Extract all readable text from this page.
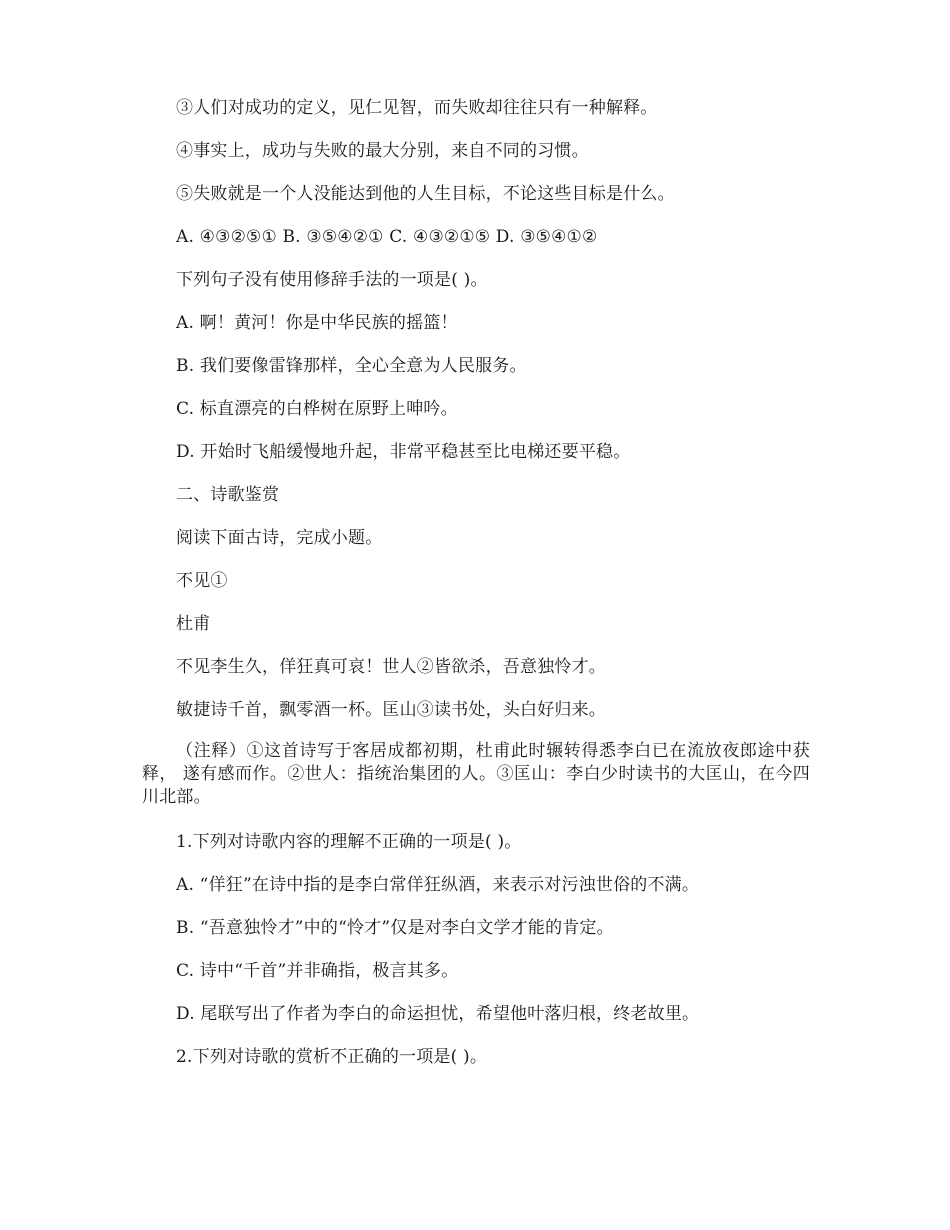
③人们对成功的定义，见仁见智，而失败却往往只有一种解释。
④事实上，成功与失败的最大分别，来自不同的习惯。
⑤失败就是一个人没能达到他的人生目标，不论这些目标是什么。
A. ④③②⑤① B. ③⑤④②① C. ④③②①⑤ D. ③⑤④①②
下列句子没有使用修辞手法的一项是( )。
A. 啊！黄河！你是中华民族的摇篮！
B. 我们要像雷锋那样，全心全意为人民服务。
C. 标直漂亮的白桦树在原野上呻吟。
D. 开始时飞船缓慢地升起，非常平稳甚至比电梯还要平稳。
二、诗歌鉴赏
阅读下面古诗，完成小题。
不见①
杜甫
不见李生久，佯狂真可哀！世人②皆欲杀，吾意独怜才。
敏捷诗千首，飘零酒一杯。匡山③读书处，头白好归来。
（注释）①这首诗写于客居成都初期，杜甫此时辗转得悉李白已在流放夜郎途中获释， 遂有感而作。②世人：指统治集团的人。③匡山：李白少时读书的大匡山，在今四川北部。
1.下列对诗歌内容的理解不正确的一项是( )。
A. “佯狂”在诗中指的是李白常佯狂纵酒，来表示对污浊世俗的不满。
B. “吾意独怜才”中的“怜才”仅是对李白文学才能的肯定。
C. 诗中“千首”并非确指，极言其多。
D. 尾联写出了作者为李白的命运担忧，希望他叶落归根，终老故里。
2.下列对诗歌的赏析不正确的一项是( )。
